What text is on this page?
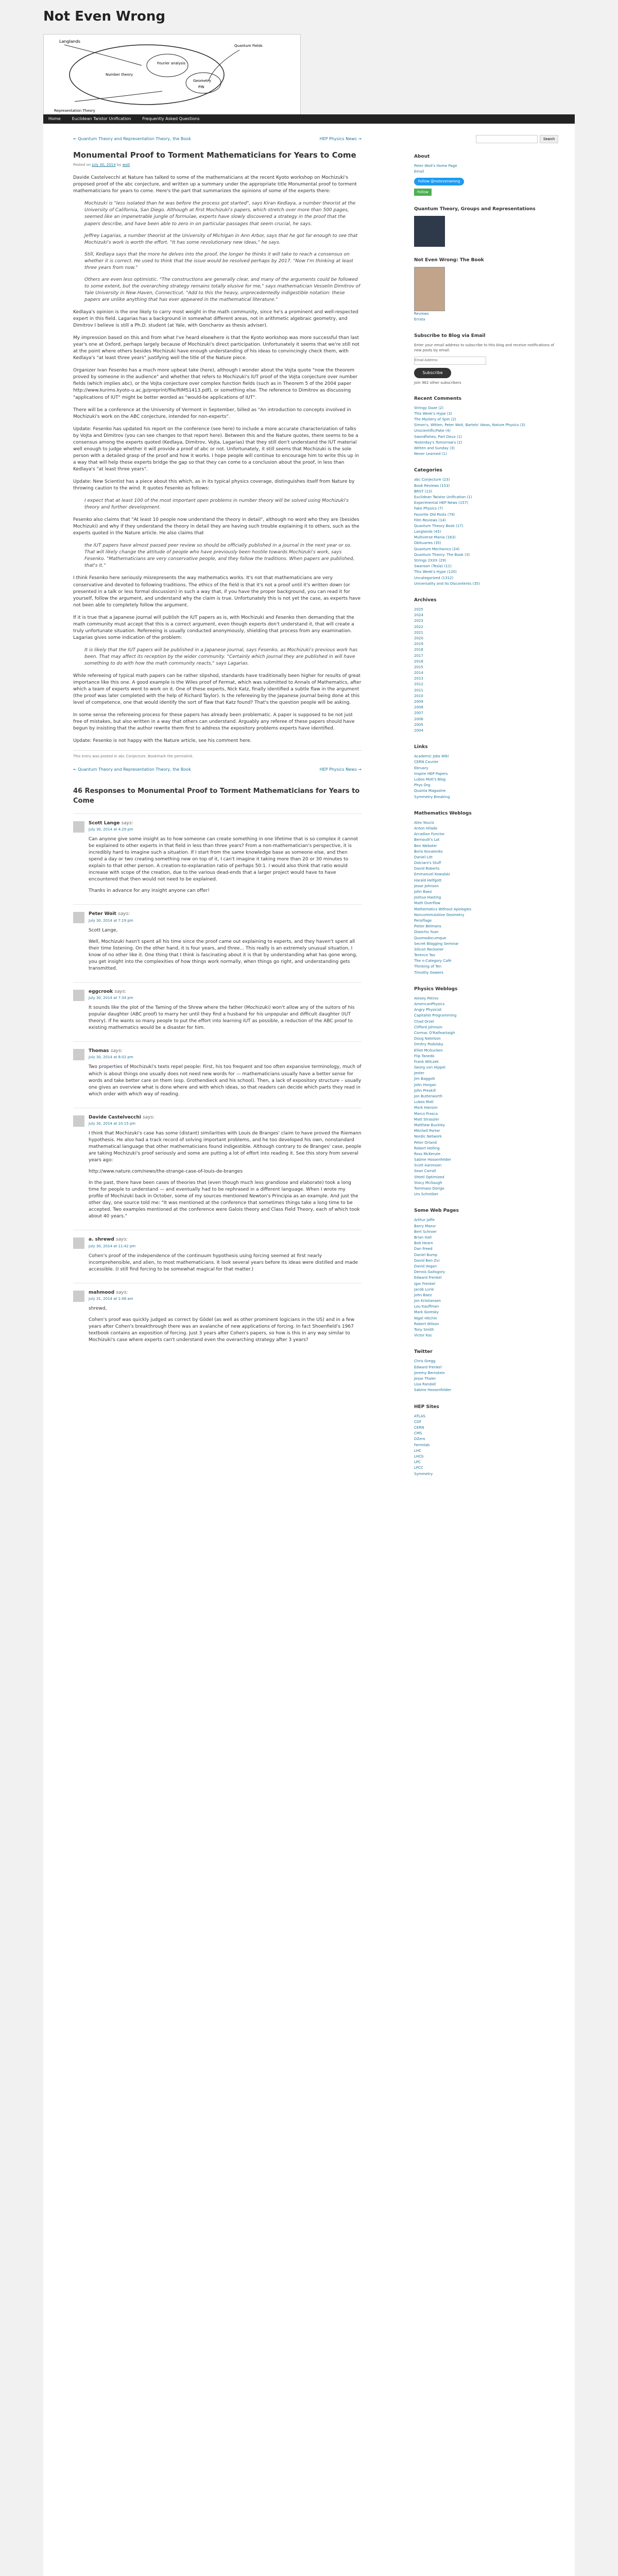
Not Even Wrong
Langlands
Fourier analysis
Number theory
Geometry
PIN
Quantum Fields
Representation Theory
Home	Euclidean Twistor Unification	Frequently Asked Questions
← Quantum Theory and Representation Theory, the Book	HEP Physics News →
Monumental Proof to Torment Mathematicians for Years to Come
Posted on July 30, 2014 by woit

Davide Castelvecchi at Nature has talked to some of the mathematicians at the recent Kyoto workshop on Mochizuki's proposed proof of the abc conjecture, and written up a summary under the appropriate title Monumental proof to torment mathematicians for years to come. Here's the part that summarizes the opinions of some of the experts there:

Mochizuki is "less isolated than he was before the process got started", says Kiran Kedlaya, a number theorist at the University of California, San Diego. Although at first Mochizuki's papers, which stretch over more than 500 pages, seemed like an impenetrable jungle of formulae, experts have slowly discovered a strategy in the proof that the papers describe, and have been able to zero in on particular passages that seem crucial, he says.

Jeffrey Lagarias, a number theorist at the University of Michigan in Ann Arbor, says that he got far enough to see that Mochizuki's work is worth the effort. "It has some revolutionary new ideas," he says.

Still, Kedlaya says that the more he delves into the proof, the longer he thinks it will take to reach a consensus on whether it is correct. He used to think that the issue would be resolved perhaps by 2017. "Now I'm thinking at least three years from now."

Others are even less optimistic. "The constructions are generally clear, and many of the arguments could be followed to some extent, but the overarching strategy remains totally elusive for me," says mathematician Vesselin Dimitrov of Yale University in New Haven, Connecticut. "Add to this the heavy, unprecedentedly indigestible notation: these papers are unlike anything that has ever appeared in the mathematical literature."

Kedlaya's opinion is the one likely to carry most weight in the math community, since he's a prominent and well-respected expert in this field. Lagarias has a background in somewhat different areas, not in arithmetic algebraic geometry, and Dimitrov I believe is still a Ph.D. student (at Yale, with Goncharov as thesis adviser).

My impression based on this and from what I've heard elsewhere is that the Kyoto workshop was more successful than last year's one at Oxford, perhaps largely because of Mochizuki's direct participation. Unfortunately it seems that we're still not at the point where others besides Mochizuki have enough understanding of his ideas to convincingly check them, with Kedlaya's "at least three years" justifying well the title of the Nature piece.

Organizer Ivan Fesenko has a much more upbeat take (here), although I wonder about the Vojta quote "now the theorem proved by someone in the audience" and whether that refers to Mochizuki's IUT proof of the Vojta conjecture over number fields (which implies abc), or the Vojta conjecture over complex function fields (such as in Theorem 5 of the 2004 paper http://www.kurims.kyoto-u.ac.jp/preprint/file/RIMS1413.pdf), or something else. The reference to Dimitrov as discussing "applications of IUT" might be better worded as "would-be applications of IUT".

There will be a conference at the University of Vermont in September, billed as "An introduction to concepts involved in Mochizuki's work on the ABC conjecture, intended for non-experts".

Update: Fesenko has updated his report on the conference (see here) to include a more accurate characterization of talks by Vojta and Dimitrov (you can see changes to that report here). Between this and the Nature quotes, there seems to be a consensus among the experts quoted (Kedlaya, Dimitrov, Vojta, Lagarias) that they still don't understand the IUT material well enough to judge whether it will provide a proof of abc or not. Unfortunately, it still seems that Mochizuki is the sole person with a detailed grasp of the proof and how it works. I hope people will continue to encourage him to write this up in a way that will help these experts bridge the gap so that they can come to a conclusion about the proof, in less than Kedlaya's "at least three years".

Update: New Scientist has a piece about this which, as in its typical physics coverage, distinguishes itself from Nature by throwing caution to the wind. It quotes Fesenko as follows:

I expect that at least 100 of the most important open problems in number theory will be solved using Mochizuki's theory and further development.

Fesenko also claims that "At least 10 people now understand the theory in detail", although no word who they are (besides Mochizuki) and why if they understand the theory in detail they are having such trouble explaining it to others, such as the experts quoted in the Nature article. He also claims that

the IUT papers have almost passed peer review so should be officially published in a journal in the next year or so. That will likely change the attitude of people who have previously been hostile towards Mochizuki's work, says Fesenko. "Mathematicians are very conservative people, and they follow the traditions. When papers are published, that's it."

I think Fesenko here seriously misrepresents the way mathematics works. It's not that mathematicians are very conservative and devoted to following traditions. The ethics of the field is that it's not a proof until it's written down (or presented in a talk or less formal discussion) in such a way that, if you have the proper background, you can read it for yourself, follow the argument, and understand why the claim is true. Unfortunately this is not yet the case, as experts have not been able to completely follow the argument.

If it is true that a Japanese journal will publish the IUT papers as is, with Mochizuki and Fesenko then demanding that the math community must accept that this is a correct argument, even though experts don't understand it, that will create a truly unfortunate situation. Refereeing is usually conducted anonymously, shielding that process from any examination. Lagarias gives some indication of the problem:

It is likely that the IUT papers will be published in a Japanese journal, says Fesenko, as Mochizuki's previous work has been. That may affect its reception by the wider community. "Certainly which journal they are published in will have something to do with how the math community reacts," says Lagarias.

While refereeing of typical math papers can be rather slipshod, standards have traditionally been higher for results of great importance like this one. A good example is the Wiles proof of Fermat, which was submitted to Annals of Mathematics, after which a team of experts went to work on it. One of these experts, Nick Katz, finally identified a subtle flaw in the argument (the proof was later completed with the help of Richard Taylor). Is the refereeing by the Japanese journal being done at this level of competence, one that would identify the sort of flaw that Katz found? That's the question people will be asking.

In some sense the refereeing process for these papers has already been problematic. A paper is supposed to be not just free of mistakes, but also written in a way that others can understand. Arguably any referee of these papers should have begun by insisting that the author rewrite them first to address the expository problems experts have identified.

Update: Fesenko is not happy with the Nature article, see his comment here.

This entry was posted in abc Conjecture. Bookmark the permalink.
← Quantum Theory and Representation Theory, the Book	HEP Physics News →
46 Responses to Monumental Proof to Torment Mathematicians for Years to Come
Scott Lange says:
July 30, 2014 at 4:29 pm

Can anyone give some insight as to how someone can create something in one lifetime that is so complex it cannot be explained to other experts in that field in less than three years? From a non-mathematician's perspective, it is incredibly hard to imagine such a situation. If I start from the same knowledge base as someone else, and then spend a day or two creating something new on top of it, I can't imagine it taking more than 20 or 30 minutes to explain to that other person. A creation-to-explanation ratio of perhaps 50:1. I would also think that ratio would increase with scope of the creation, due to the various dead-ends that a larger project would have to have encountered that then would not need to be explained.

Thanks in advance for any insight anyone can offer!

Peter Woit says:
July 30, 2014 at 7:19 pm

Scott Lange,

Well, Mochizuki hasn't spent all his time since the proof came out explaining to experts, and they haven't spent all their time listening. On the other hand, it is four years, and three... This really is an extremely unusual situation, I know of no other like it. One thing that I think is fascinating about it is that by understanding what has gone wrong, you get insight into the complexities of how things work normally, when things go right, and understanding gets transmitted.

eggcrook says:
July 30, 2014 at 7:34 pm

It sounds like the plot of the Taming of the Shrew where the father (Mochizuki) won't allow any of the suitors of his popular daughter (ABC proof) to marry her until they find a husband for his unpopular and difficult daughter (IUT theory). If he wants so many people to put the effort into learning IUT as possible, a reduction of the ABC proof to existing mathematics would be a disaster for him.

Thomas says:
July 30, 2014 at 8:02 pm

Two properties of Mochizuki's texts repel people: First, his too frequent and too often expansive terminology, much of which is about things one usually does not need new words for — mathematicians usually have a better sense for words and take better care on them (esp. Grothendieck and his school). Then, a lack of expository structure – usually one gives an overview what is done where and with which ideas, so that readers can decide which parts they read in which order with which way of reading.

Davide Castelvecchi says:
July 30, 2014 at 10:15 pm

I think that Mochizuki's case has some (distant) similarities with Louis de Branges' claim to have proved the Riemann hypothesis. He also had a track record of solving important problems, and he too developed his own, nonstandard mathematical language that other mathematicians found indigestible. Although contrary to de Branges' case, people are taking Mochizuki's proof seriously and some are putting a lot of effort into reading it. See this story from several years ago:

http://www.nature.com/news/the-strange-case-of-louis-de-branges

In the past, there have been cases of theories that (even though much less grandiose and elaborate) took a long time for people to understand — and eventually had to be rephrased in a different language. When I wrote my profile of Mochizuki back in October, some of my sources mentioned Newton's Principia as an example. And just the other day, one source told me: "It was mentioned at the conference that sometimes things take a long time to be accepted. Two examples mentioned at the conference were Galois theory and Class Field Theory, each of which took about 40 years."

a. shrewd says:
July 30, 2014 at 11:42 pm

Cohen's proof of the independence of the continuum hypothesis using forcing seemed at first nearly incomprehensible, and alien, to most mathematicians. It look several years before its ideas were distilled and made accessible. (I still find forcing to be somewhat magical for that matter.)

mahmood says:
July 31, 2014 at 1:08 am

shrewd,

Cohen's proof was quickly judged as correct by Gödel (as well as other prominent logicians in the US) and in a few years after Cohen's breakthrough there was an avalanche of new applications of forcing. In fact Shoenfield's 1967 textbook contains an exposition of forcing. Just 3 years after Cohen's papers, so how is this in any way similar to Mochizuki's case where experts can't understand even the overarching strategy after 3 years?

Search
About
Peter Woit's Home Page
Email
Follow @notevenwrong
Follow
Quantum Theory, Groups and Representations
Not Even Wrong: The Book
Reviews
Errata
Subscribe to Blog via Email
Enter your email address to subscribe to this blog and receive notifications of new posts by email.
Email Address
Subscribe
Join 962 other subscribers
Recent Comments
Stringy Daze (2)
This Week's Hype (3)
The Mystery of Spin (2)
Simon's, Witten, Peter Woit, Bartels' Ideas, Nature Physics (3)
Unscientific/Fake (4)
Swordfishes, Part Deux (1)
Yesterday's Tomorrow's (2)
Witten and Sunday (3)
Never Learned (1)
Categories
abc Conjecture (23)
Book Reviews (153)
BRST (13)
Euclidean Twistor Unification (1)
Experimental HEP News (157)
Fake Physics (7)
Favorite Old Posts (79)
Film Reviews (14)
Quantum Theory Book (17)
Langlands (45)
Multiverse Mania (163)
Obituaries (35)
Quantum Mechanics (24)
Quantum Theory: The Book (3)
Strings 2XXX (29)
Swanson (Tesla) (11)
This Week's Hype (120)
Uncategorized (1312)
Universality and Its Discontents (35)
Archives
2025
2024
2023
2022
2021
2020
2019
2018
2017
2016
2015
2014
2013
2012
2011
2010
2009
2008
2007
2006
2005
2004
Links
Academic Jobs Wiki
CERN Courier
Ebruary
Inspire HEP Papers
Lubos Motl's Blog
Phys Org
Quanta Magazine
Symmetry Breaking
Mathematics Weblogs
Alex Youcis
Anton Hilado
Arcadian Functor
Bernoulli's Lot
Ben Webster
Boris Kovalenko
Daniel Litt
Dolciani's Stuff
David Roberts
Emmanuel Kowalski
Harald Helfgott
Jesse Johnson
John Baez
Joshua Hasting
Math Overflow
Mathematics Without Apologies
Noncommutative Geometry
Persiflage
Pieter Belmans
Qiaochu Yuan
Quomodocumque
Secret Blogging Seminar
Silicon Reckoner
Terence Tao
The n-Category Café
Thinking of Ten
Timothy Gowers
Physics Weblogs
Alexey Petrov
AmericanPhysics
Angry Physicist
Capitalist Programming
Chad Orzel
Clifford Johnson
Cormac O'Raifeartaigh
Doug Natelson
Dmitry Podolsky
Elliot McGucken
Flip Tanedo
Frank Wilczek
Georg von Hippel
Jester
Jim Baggott
John Horgan
John Preskill
Jon Butterworth
Lubos Motl
Mark Hanson
Marco Frasca
Matt Strassler
Matthew Buckley
Mitchell Porter
Nordic Network
Peter Orland
Robert Helling
Ross McKenzie
Sabine Hossenfelder
Scott Aaronson
Sean Carroll
Shtetl Optimized
Stacy McGaugh
Tommaso Dorigo
Urs Schreiber
Some Web Pages
Arthur Jaffe
Barry Mazur
Bert Schroer
Brian Hall
Bob Hearn
Dan Freed
Daniel Bump
David Ben-Zvi
David Vogan
Dennis Gaitsgory
Edward Frenkel
Igor Frenkel
Jacob Lurie
John Baez
Jon Kristiansen
Lou Kauffman
Mark Goresky
Nigel Hitchin
Robert Wilson
Tony Smith
Victor Kac
Twitter
Chris Gregg
Edward Frenkel
Jeremy Bernstein
Jesse Thaler
Lisa Randall
Sabine Hossenfelder
HEP Sites
ATLAS
CDF
CERN
CMS
DZero
Fermilab
LHC
LHCb
LPC
LPCC
Symmetry
